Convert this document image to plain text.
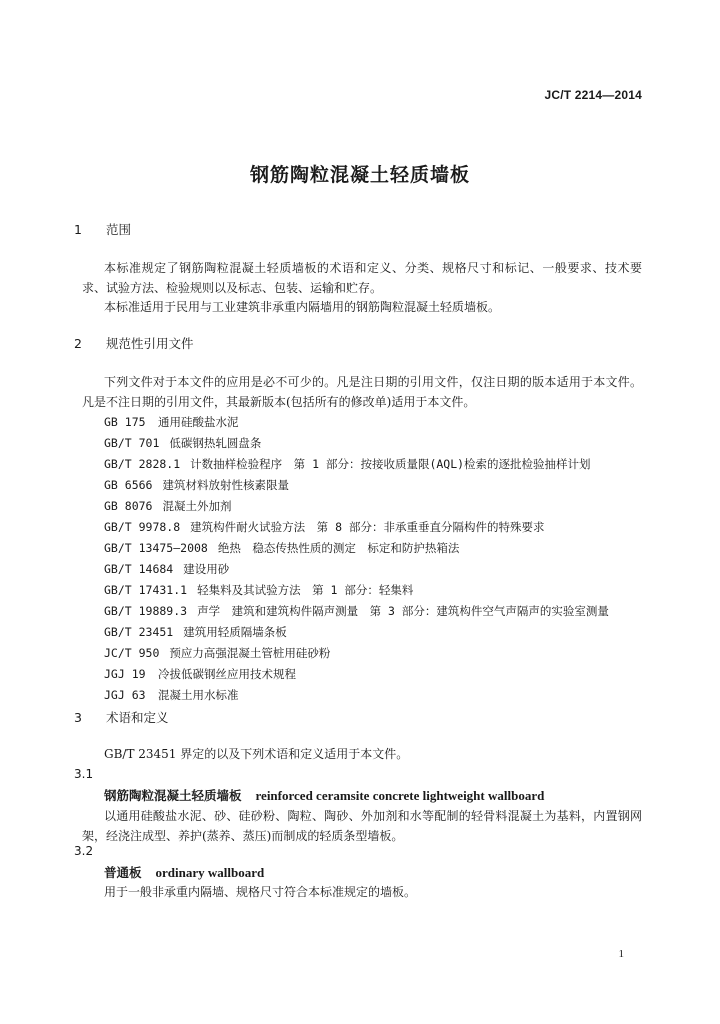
JC/T 2214—2014
钢筋陶粒混凝土轻质墙板
1 范围
本标准规定了钢筋陶粒混凝土轻质墙板的术语和定义、分类、规格尺寸和标记、一般要求、技术要求、试验方法、检验规则以及标志、包装、运输和贮存。
本标准适用于民用与工业建筑非承重内隔墙用的钢筋陶粒混凝土轻质墙板。
2 规范性引用文件
下列文件对于本文件的应用是必不可少的。凡是注日期的引用文件，仅注日期的版本适用于本文件。凡是不注日期的引用文件，其最新版本(包括所有的修改单)适用于本文件。
GB 175 通用硅酸盐水泥
GB/T 701 低碳钢热轧圆盘条
GB/T 2828.1 计数抽样检验程序　第 1 部分：按接收质量限(AQL)检索的逐批检验抽样计划
GB 6566 建筑材料放射性核素限量
GB 8076 混凝土外加剂
GB/T 9978.8 建筑构件耐火试验方法　第 8 部分：非承重垂直分隔构件的特殊要求
GB/T 13475—2008 绝热　稳态传热性质的测定　标定和防护热箱法
GB/T 14684 建设用砂
GB/T 17431.1 轻集料及其试验方法　第 1 部分：轻集料
GB/T 19889.3 声学　建筑和建筑构件隔声测量　第 3 部分：建筑构件空气声隔声的实验室测量
GB/T 23451 建筑用轻质隔墙条板
JC/T 950 预应力高强混凝土管桩用硅砂粉
JGJ 19 冷拔低碳钢丝应用技术规程
JGJ 63 混凝土用水标准
3 术语和定义
GB/T 23451 界定的以及下列术语和定义适用于本文件。
3.1
钢筋陶粒混凝土轻质墙板 reinforced ceramsite concrete lightweight wallboard
以通用硅酸盐水泥、砂、硅砂粉、陶粒、陶砂、外加剂和水等配制的轻骨料混凝土为基料，内置钢网架，经浇注成型、养护(蒸养、蒸压)而制成的轻质条型墙板。
3.2
普通板 ordinary wallboard
用于一般非承重内隔墙、规格尺寸符合本标准规定的墙板。
1
